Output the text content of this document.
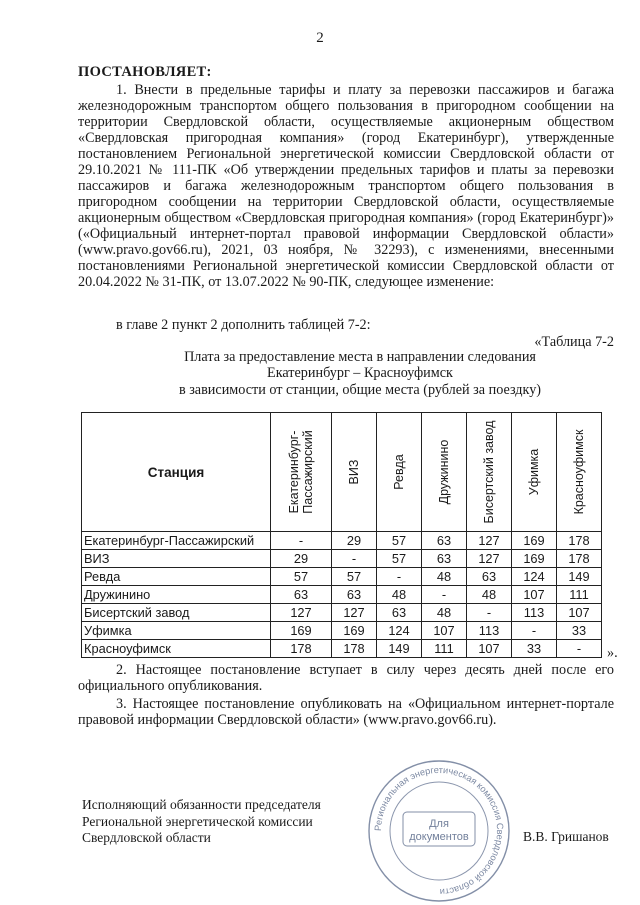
2
ПОСТАНОВЛЯЕТ:
1. Внести в предельные тарифы и плату за перевозки пассажиров и багажа железнодорожным транспортом общего пользования в пригородном сообщении на территории Свердловской области, осуществляемые акционерным обществом «Свердловская пригородная компания» (город Екатеринбург), утвержденные постановлением Региональной энергетической комиссии Свердловской области от 29.10.2021 № 111-ПК «Об утверждении предельных тарифов и платы за перевозки пассажиров и багажа железнодорожным транспортом общего пользования в пригородном сообщении на территории Свердловской области, осуществляемые акционерным обществом «Свердловская пригородная компания» (город Екатеринбург)» («Официальный интернет-портал правовой информации Свердловской области» (www.pravo.gov66.ru), 2021, 03 ноября, № 32293), с изменениями, внесенными постановлениями Региональной энергетической комиссии Свердловской области от 20.04.2022 № 31-ПК, от 13.07.2022 № 90-ПК, следующее изменение:
в главе 2 пункт 2 дополнить таблицей 7-2:
«Таблица 7-2
Плата за предоставление места в направлении следования
Екатеринбург – Красноуфимск
в зависимости от станции, общие места (рублей за поездку)
Станция	Екатеринбург-Пассажирский	ВИЗ	Ревда	Дружинино	Бисертский завод	Уфимка	Красноуфимск

Екатеринбург-Пассажирский	-	29	57	63	127	169	178
ВИЗ	29	-	57	63	127	169	178
Ревда	57	57	-	48	63	124	149
Дружинино	63	63	48	-	48	107	111
Бисертский завод	127	127	63	48	-	113	107
Уфимка	169	169	124	107	113	-	33
Красноуфимск	178	178	149	111	107	33	- ».
2. Настоящее постановление вступает в силу через десять дней после его официального опубликования.
3. Настоящее постановление опубликовать на «Официальном интернет-портале правовой информации Свердловской области» (www.pravo.gov66.ru).
Исполняющий обязанности председателя
Региональной энергетической комиссии
Свердловской области	В.В. Гришанов
Региональная энергетическая комиссия Свердловской области
Для
документов
